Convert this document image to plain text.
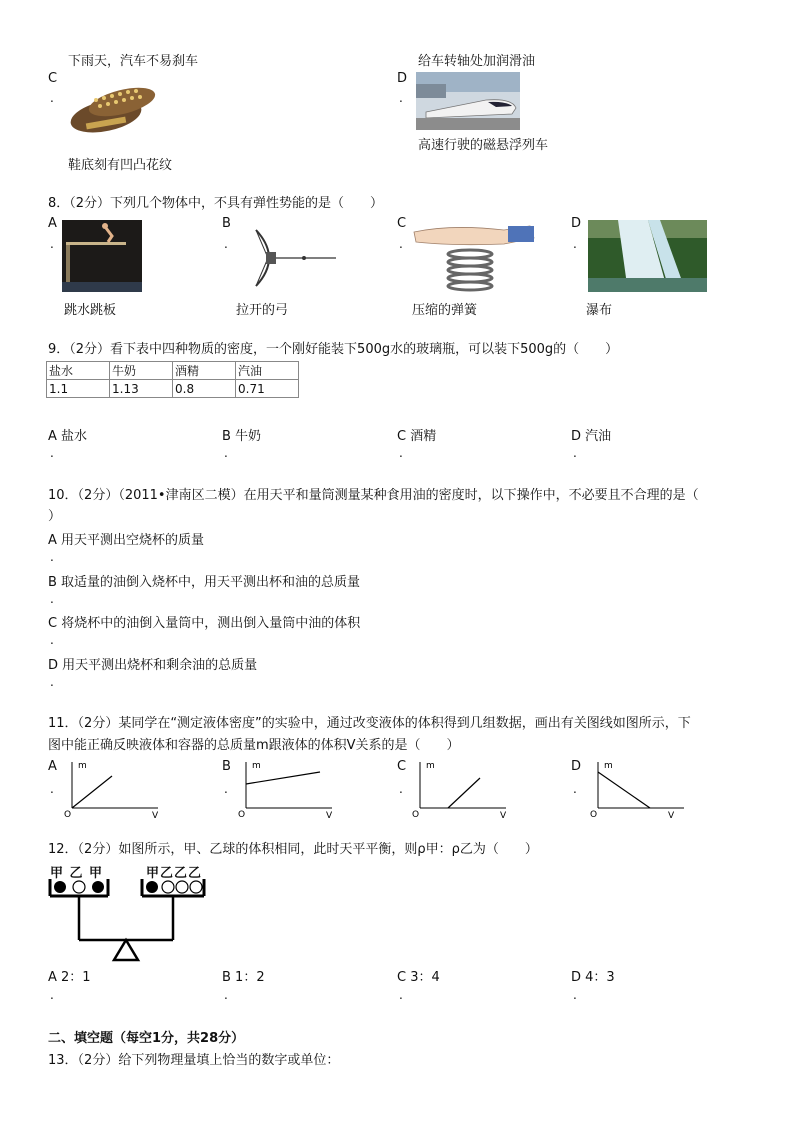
下雨天，汽车不易刹车	给车转轴处加润滑油
C
.
鞋底刻有凹凸花纹
D
.
高速行驶的磁悬浮列车
8．（2分）下列几个物体中，不具有弹性势能的是（　　）
A
.
跳水跳板
B
.
拉开的弓
C
.
压缩的弹簧
D
.
瀑布
9．（2分）看下表中四种物质的密度，一个刚好能装下500g水的玻璃瓶，可以装下500g的（　　）
盐水	牛奶	酒精	汽油
1.1	1.13	0.8	0.71
A 盐水
.
B 牛奶
.
C 酒精
.
D 汽油
.
10．（2分）（2011•津南区二模）在用天平和量筒测量某种食用油的密度时，以下操作中，不必要且不合理的是（
）
A 用天平测出空烧杯的质量
.
B 取适量的油倒入烧杯中，用天平测出杯和油的总质量
.
C 将烧杯中的油倒入量筒中，测出倒入量筒中油的体积
.
D 用天平测出烧杯和剩余油的总质量
.
11．（2分）某同学在“测定液体密度”的实验中，通过改变液体的体积得到几组数据，画出有关图线如图所示，下
图中能正确反映液体和容器的总质量m跟液体的体积V关系的是（　　）
A
.
m
V
O
B
.
m
V
O
C
.
m
V
O
D
.
m
V
O
12．（2分）如图所示，甲、乙球的体积相同，此时天平平衡，则ρ甲：ρ乙为（　　）
甲 乙 甲	甲乙乙乙
A 2：1
.
B 1：2
.
C 3：4
.
D 4：3
.
二、填空题（每空1分，共28分）
13．（2分）给下列物理量填上恰当的数字或单位：
